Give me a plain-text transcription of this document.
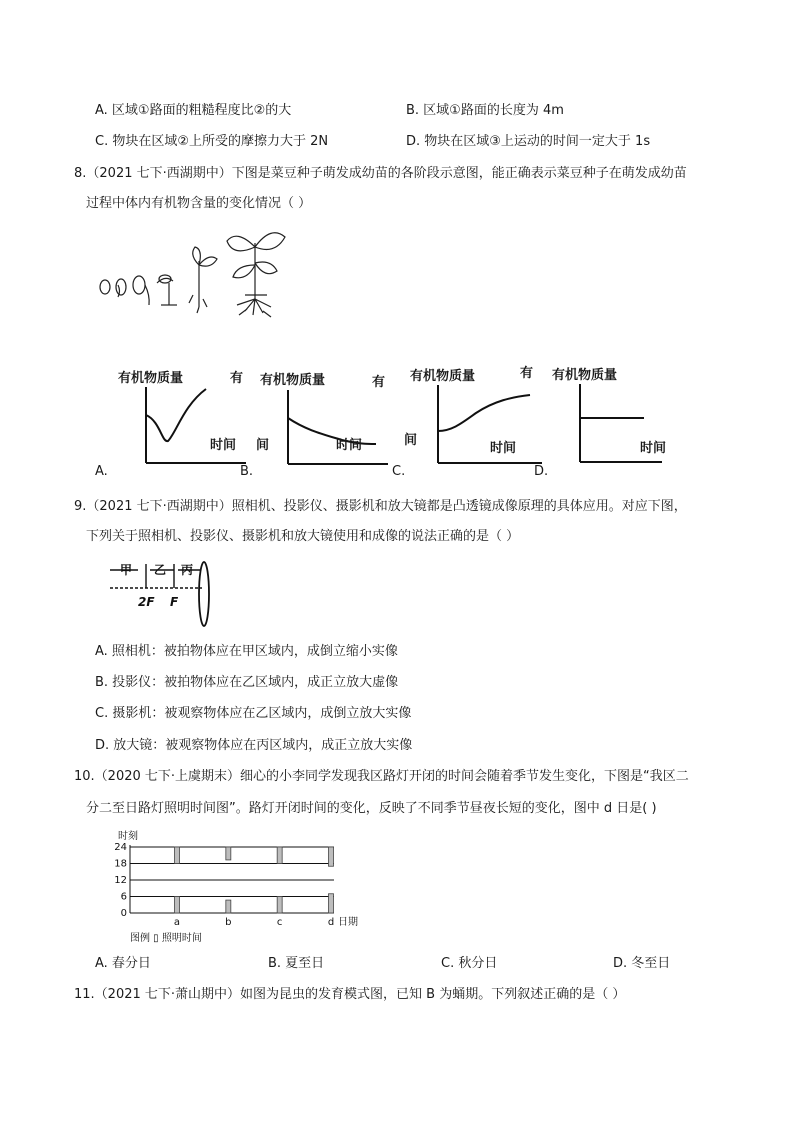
A. 区域①路面的粗糙程度比②的大	B. 区域①路面的长度为 4m
C. 物块在区域②上所受的摩擦力大于 2N	D. 物块在区域③上运动的时间一定大于 1s
8.（2021 七下·西湖期中）下图是菜豆种子萌发成幼苗的各阶段示意图，能正确表示菜豆种子在萌发成幼苗
过程中体内有机物含量的变化情况（ ）
有机物质量	有
时间 间
A.
有机物质量	有
时间	间
B.
有机物质量	有
时间
C.
有机物质量
时间
D.
9.（2021 七下·西湖期中）照相机、投影仪、摄影机和放大镜都是凸透镜成像原理的具体应用。对应下图，
下列关于照相机、投影仪、摄影机和放大镜使用和成像的说法正确的是（ ）
甲 乙 丙
2F F
A. 照相机：被拍物体应在甲区域内，成倒立缩小实像
B. 投影仪：被拍物体应在乙区域内，成正立放大虚像
C. 摄影机：被观察物体应在乙区域内，成倒立放大实像
D. 放大镜：被观察物体应在丙区域内，成正立放大实像
10.（2020 七下·上虞期末）细心的小李同学发现我区路灯开闭的时间会随着季节发生变化，下图是“我区二
分二至日路灯照明时间图”。路灯开闭时间的变化，反映了不同季节昼夜长短的变化，图中 d 日是( )
时刻
0
6
12
18
24
a	b	c	d 日期
图例 ▯ 照明时间
A. 春分日	B. 夏至日	C. 秋分日	D. 冬至日
11.（2021 七下·萧山期中）如图为昆虫的发育模式图，已知 B 为蛹期。下列叙述正确的是（ ）
